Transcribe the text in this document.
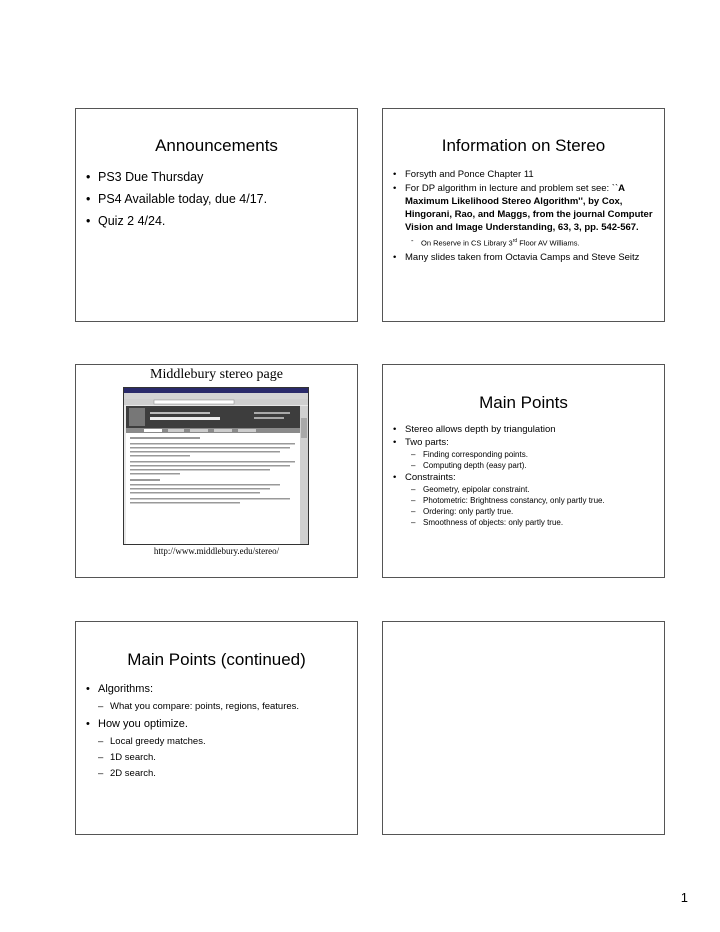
Announcements
• PS3 Due Thursday
• PS4 Available today, due 4/17.
• Quiz 2 4/24.
Information on Stereo
• Forsyth and Ponce Chapter 11
• For DP algorithm in lecture and problem set see: ``A Maximum Likelihood Stereo Algorithm'', by Cox, Hingorani, Rao, and Maggs, from the journal Computer Vision and Image Understanding, 63, 3, pp. 542-567.
- On Reserve in CS Library 3rd Floor AV Williams.
• Many slides taken from Octavia Camps and Steve Seitz
Middlebury stereo page
http://www.middlebury.edu/stereo/
Main Points
• Stereo allows depth by triangulation
• Two parts:
– Finding corresponding points.
– Computing depth (easy part).
• Constraints:
– Geometry, epipolar constraint.
– Photometric: Brightness constancy, only partly true.
– Ordering: only partly true.
– Smoothness of objects: only partly true.
Main Points (continued)
• Algorithms:
– What you compare: points, regions, features.
• How you optimize.
– Local greedy matches.
– 1D search.
– 2D search.
1
